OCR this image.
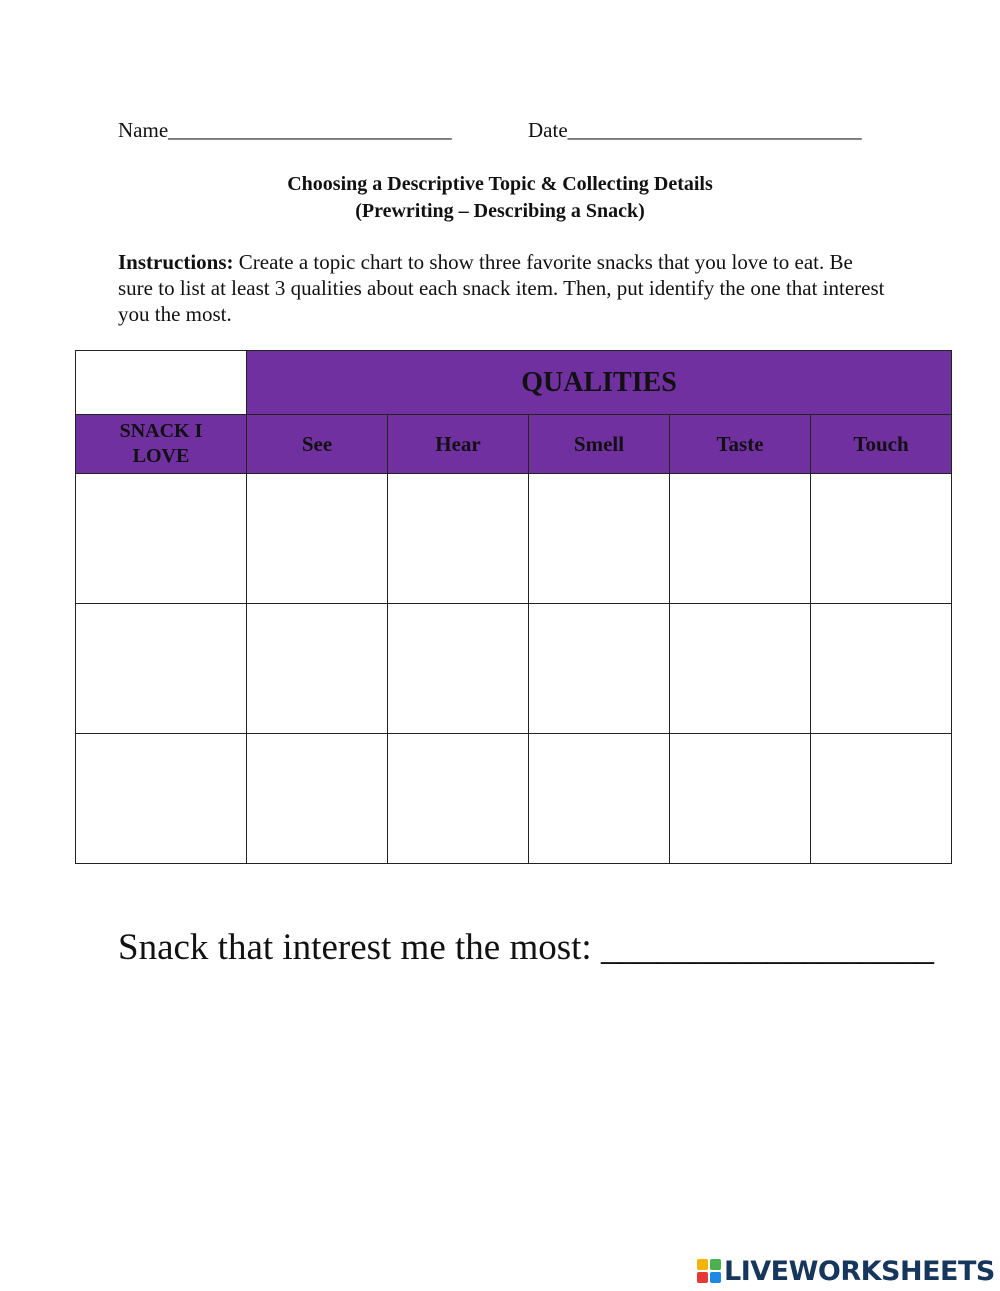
Name___________________________	Date____________________________
Choosing a Descriptive Topic & Collecting Details
(Prewriting – Describing a Snack)
Instructions: Create a topic chart to show three favorite snacks that you love to eat. Be sure to list at least 3 qualities about each snack item. Then, put identify the one that interest you the most.
	QUALITIES				
SNACK I
LOVE	See	Hear	Smell	Taste	Touch

Snack that interest me the most: __________________
LIVEWORKSHEETS
